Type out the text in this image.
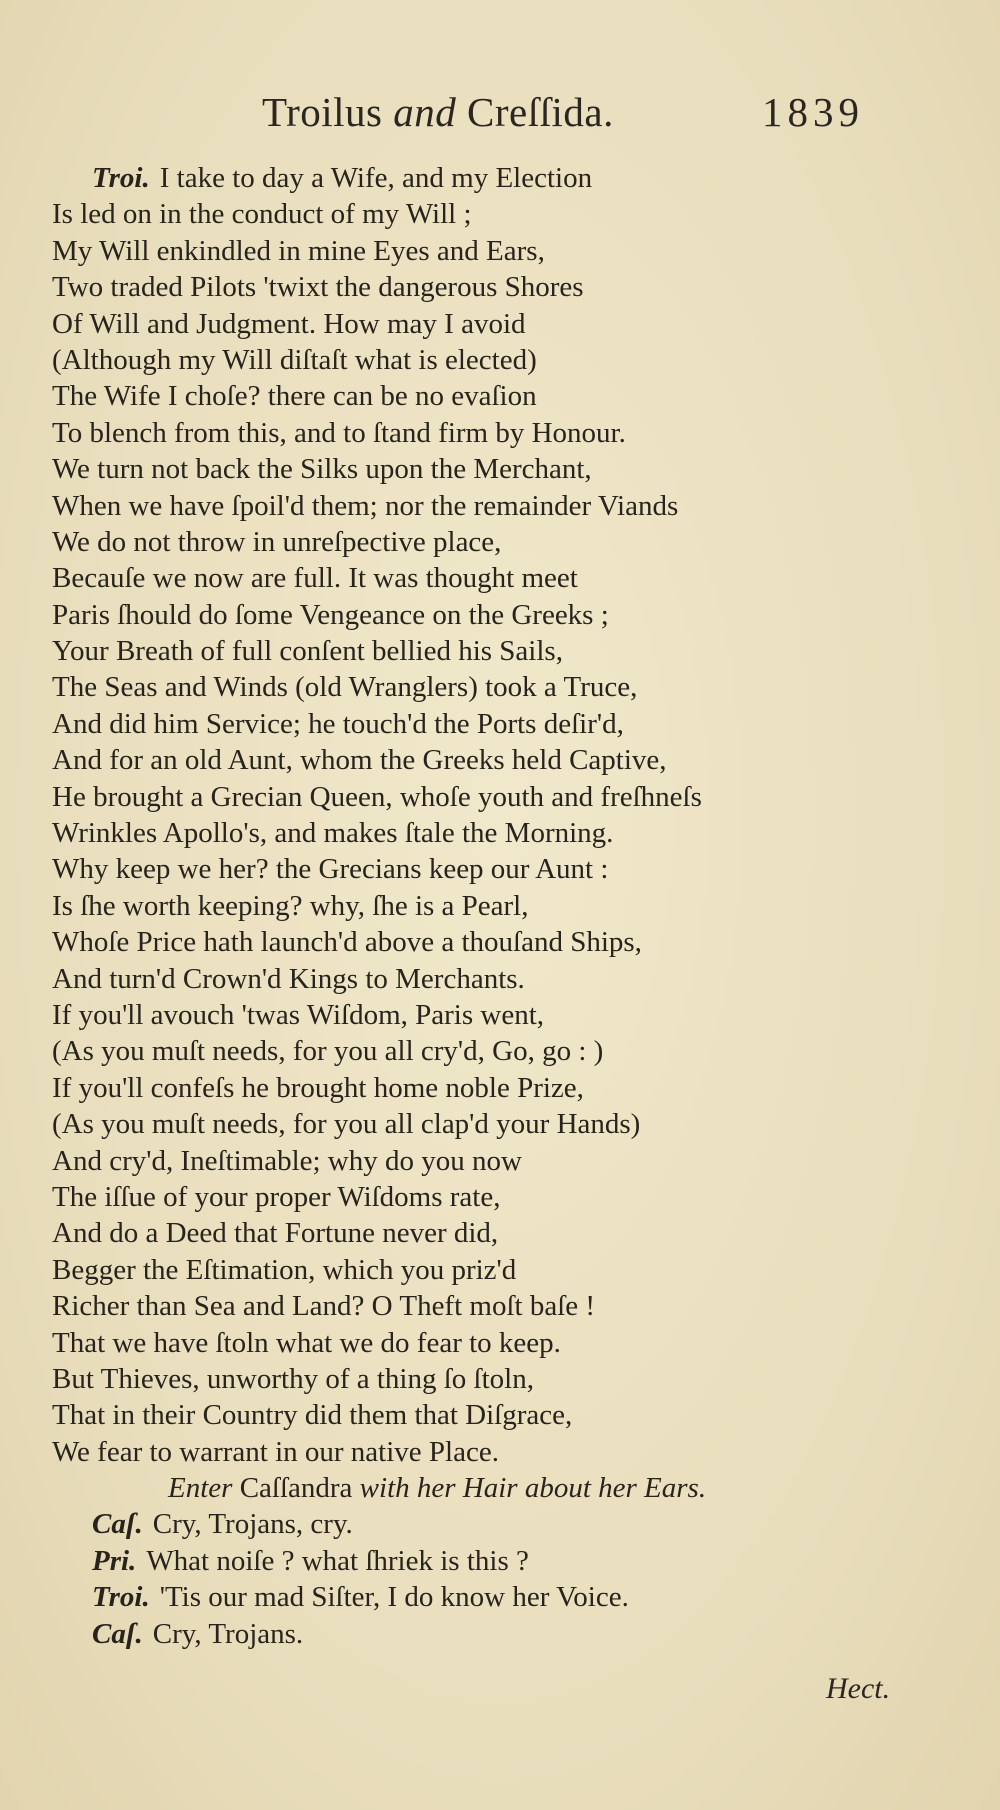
Troilus and Creſſida.	1839
Troi. I take to day a Wife, and my Election
Is led on in the conduct of my Will ;
My Will enkindled in mine Eyes and Ears,
Two traded Pilots 'twixt the dangerous Shores
Of Will and Judgment. How may I avoid
(Although my Will diſtaſt what is elected)
The Wife I choſe? there can be no evaſion
To blench from this, and to ſtand firm by Honour.
We turn not back the Silks upon the Merchant,
When we have ſpoil'd them; nor the remainder Viands
We do not throw in unreſpective place,
Becauſe we now are full. It was thought meet
Paris ſhould do ſome Vengeance on the Greeks ;
Your Breath of full conſent bellied his Sails,
The Seas and Winds (old Wranglers) took a Truce,
And did him Service; he touch'd the Ports deſir'd,
And for an old Aunt, whom the Greeks held Captive,
He brought a Grecian Queen, whoſe youth and freſhneſs
Wrinkles Apollo's, and makes ſtale the Morning.
Why keep we her? the Grecians keep our Aunt :
Is ſhe worth keeping? why, ſhe is a Pearl,
Whoſe Price hath launch'd above a thouſand Ships,
And turn'd Crown'd Kings to Merchants.
If you'll avouch 'twas Wiſdom, Paris went,
(As you muſt needs, for you all cry'd, Go, go : )
If you'll confeſs he brought home noble Prize,
(As you muſt needs, for you all clap'd your Hands)
And cry'd, Ineſtimable; why do you now
The iſſue of your proper Wiſdoms rate,
And do a Deed that Fortune never did,
Begger the Eſtimation, which you priz'd
Richer than Sea and Land? O Theft moſt baſe !
That we have ſtoln what we do fear to keep.
But Thieves, unworthy of a thing ſo ſtoln,
That in their Country did them that Diſgrace,
We fear to warrant in our native Place.
Enter Caſſandra with her Hair about her Ears.
Caſ. Cry, Trojans, cry.
Pri. What noiſe ? what ſhriek is this ?
Troi. 'Tis our mad Siſter, I do know her Voice.
Caſ. Cry, Trojans.
Hect.
